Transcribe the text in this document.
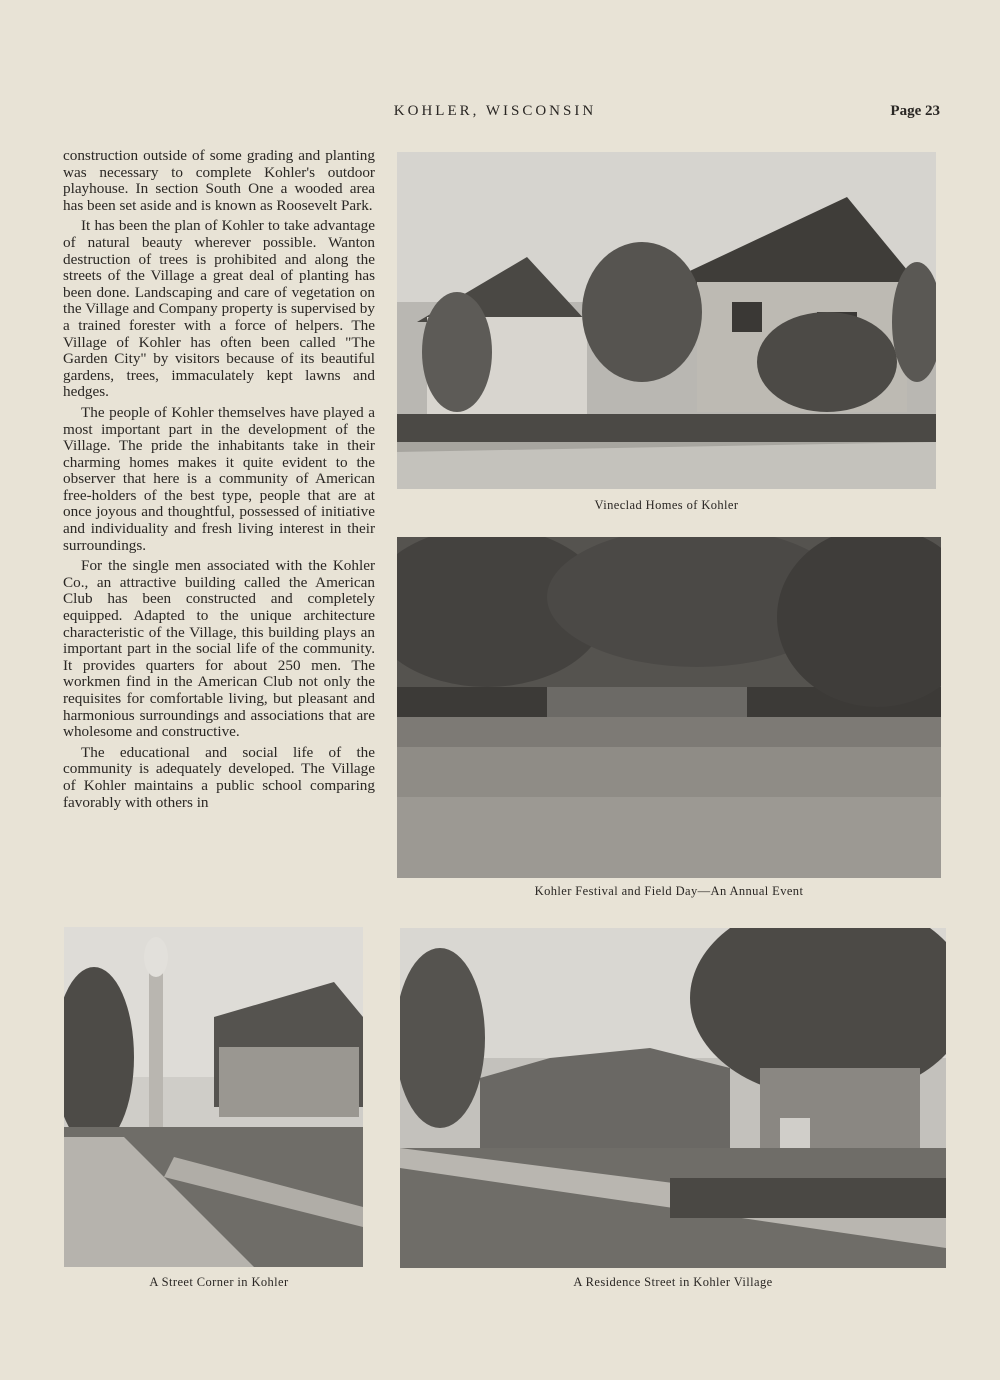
KOHLER, WISCONSIN	Page 23

construction outside of some grading and planting was necessary to complete Kohler's outdoor playhouse. In section South One a wooded area has been set aside and is known as Roosevelt Park.

It has been the plan of Kohler to take advantage of natural beauty wherever possible. Wanton destruction of trees is prohibited and along the streets of the Village a great deal of planting has been done. Landscaping and care of vegetation on the Village and Company property is supervised by a trained forester with a force of helpers. The Village of Kohler has often been called "The Garden City" by visitors because of its beautiful gardens, trees, immaculately kept lawns and hedges.

The people of Kohler themselves have played a most important part in the development of the Village. The pride the inhabitants take in their charming homes makes it quite evident to the observer that here is a community of American free-holders of the best type, people that are at once joyous and thoughtful, possessed of initiative and individuality and fresh living interest in their surroundings.

For the single men associated with the Kohler Co., an attractive building called the American Club has been constructed and completely equipped. Adapted to the unique architecture characteristic of the Village, this building plays an important part in the social life of the community. It provides quarters for about 250 men. The workmen find in the American Club not only the requisites for comfortable living, but pleasant and harmonious surroundings and associations that are wholesome and constructive.

The educational and social life of the community is adequately developed. The Village of Kohler maintains a public school comparing favorably with others in

Vineclad Homes of Kohler
Kohler Festival and Field Day—An Annual Event
A Street Corner in Kohler	A Residence Street in Kohler Village
